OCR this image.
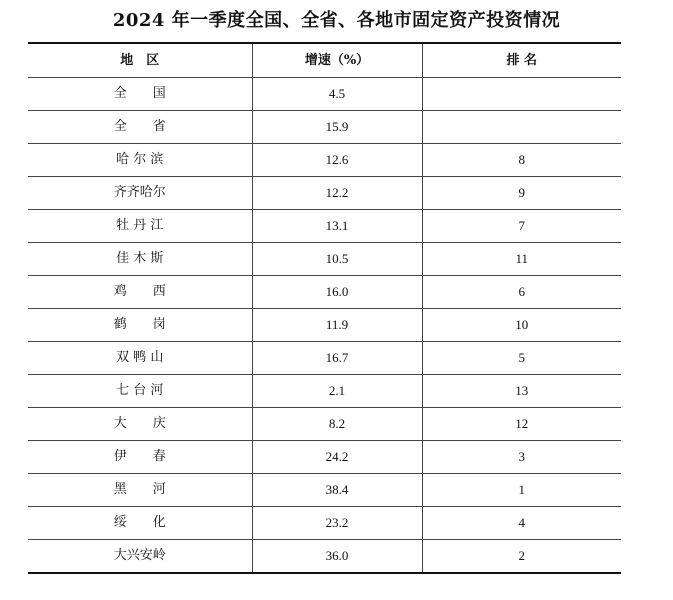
2024 年一季度全国、全省、各地市固定资产投资情况
地　区	增速（%）	排 名
全　　国	4.5	
全　　省	15.9	
哈 尔 滨	12.6	8
齐齐哈尔	12.2	9
牡 丹 江	13.1	7
佳 木 斯	10.5	11
鸡　　西	16.0	6
鹤　　岗	11.9	10
双 鸭 山	16.7	5
七 台 河	2.1	13
大　　庆	8.2	12
伊　　春	24.2	3
黑　　河	38.4	1
绥　　化	23.2	4
大兴安岭	36.0	2
